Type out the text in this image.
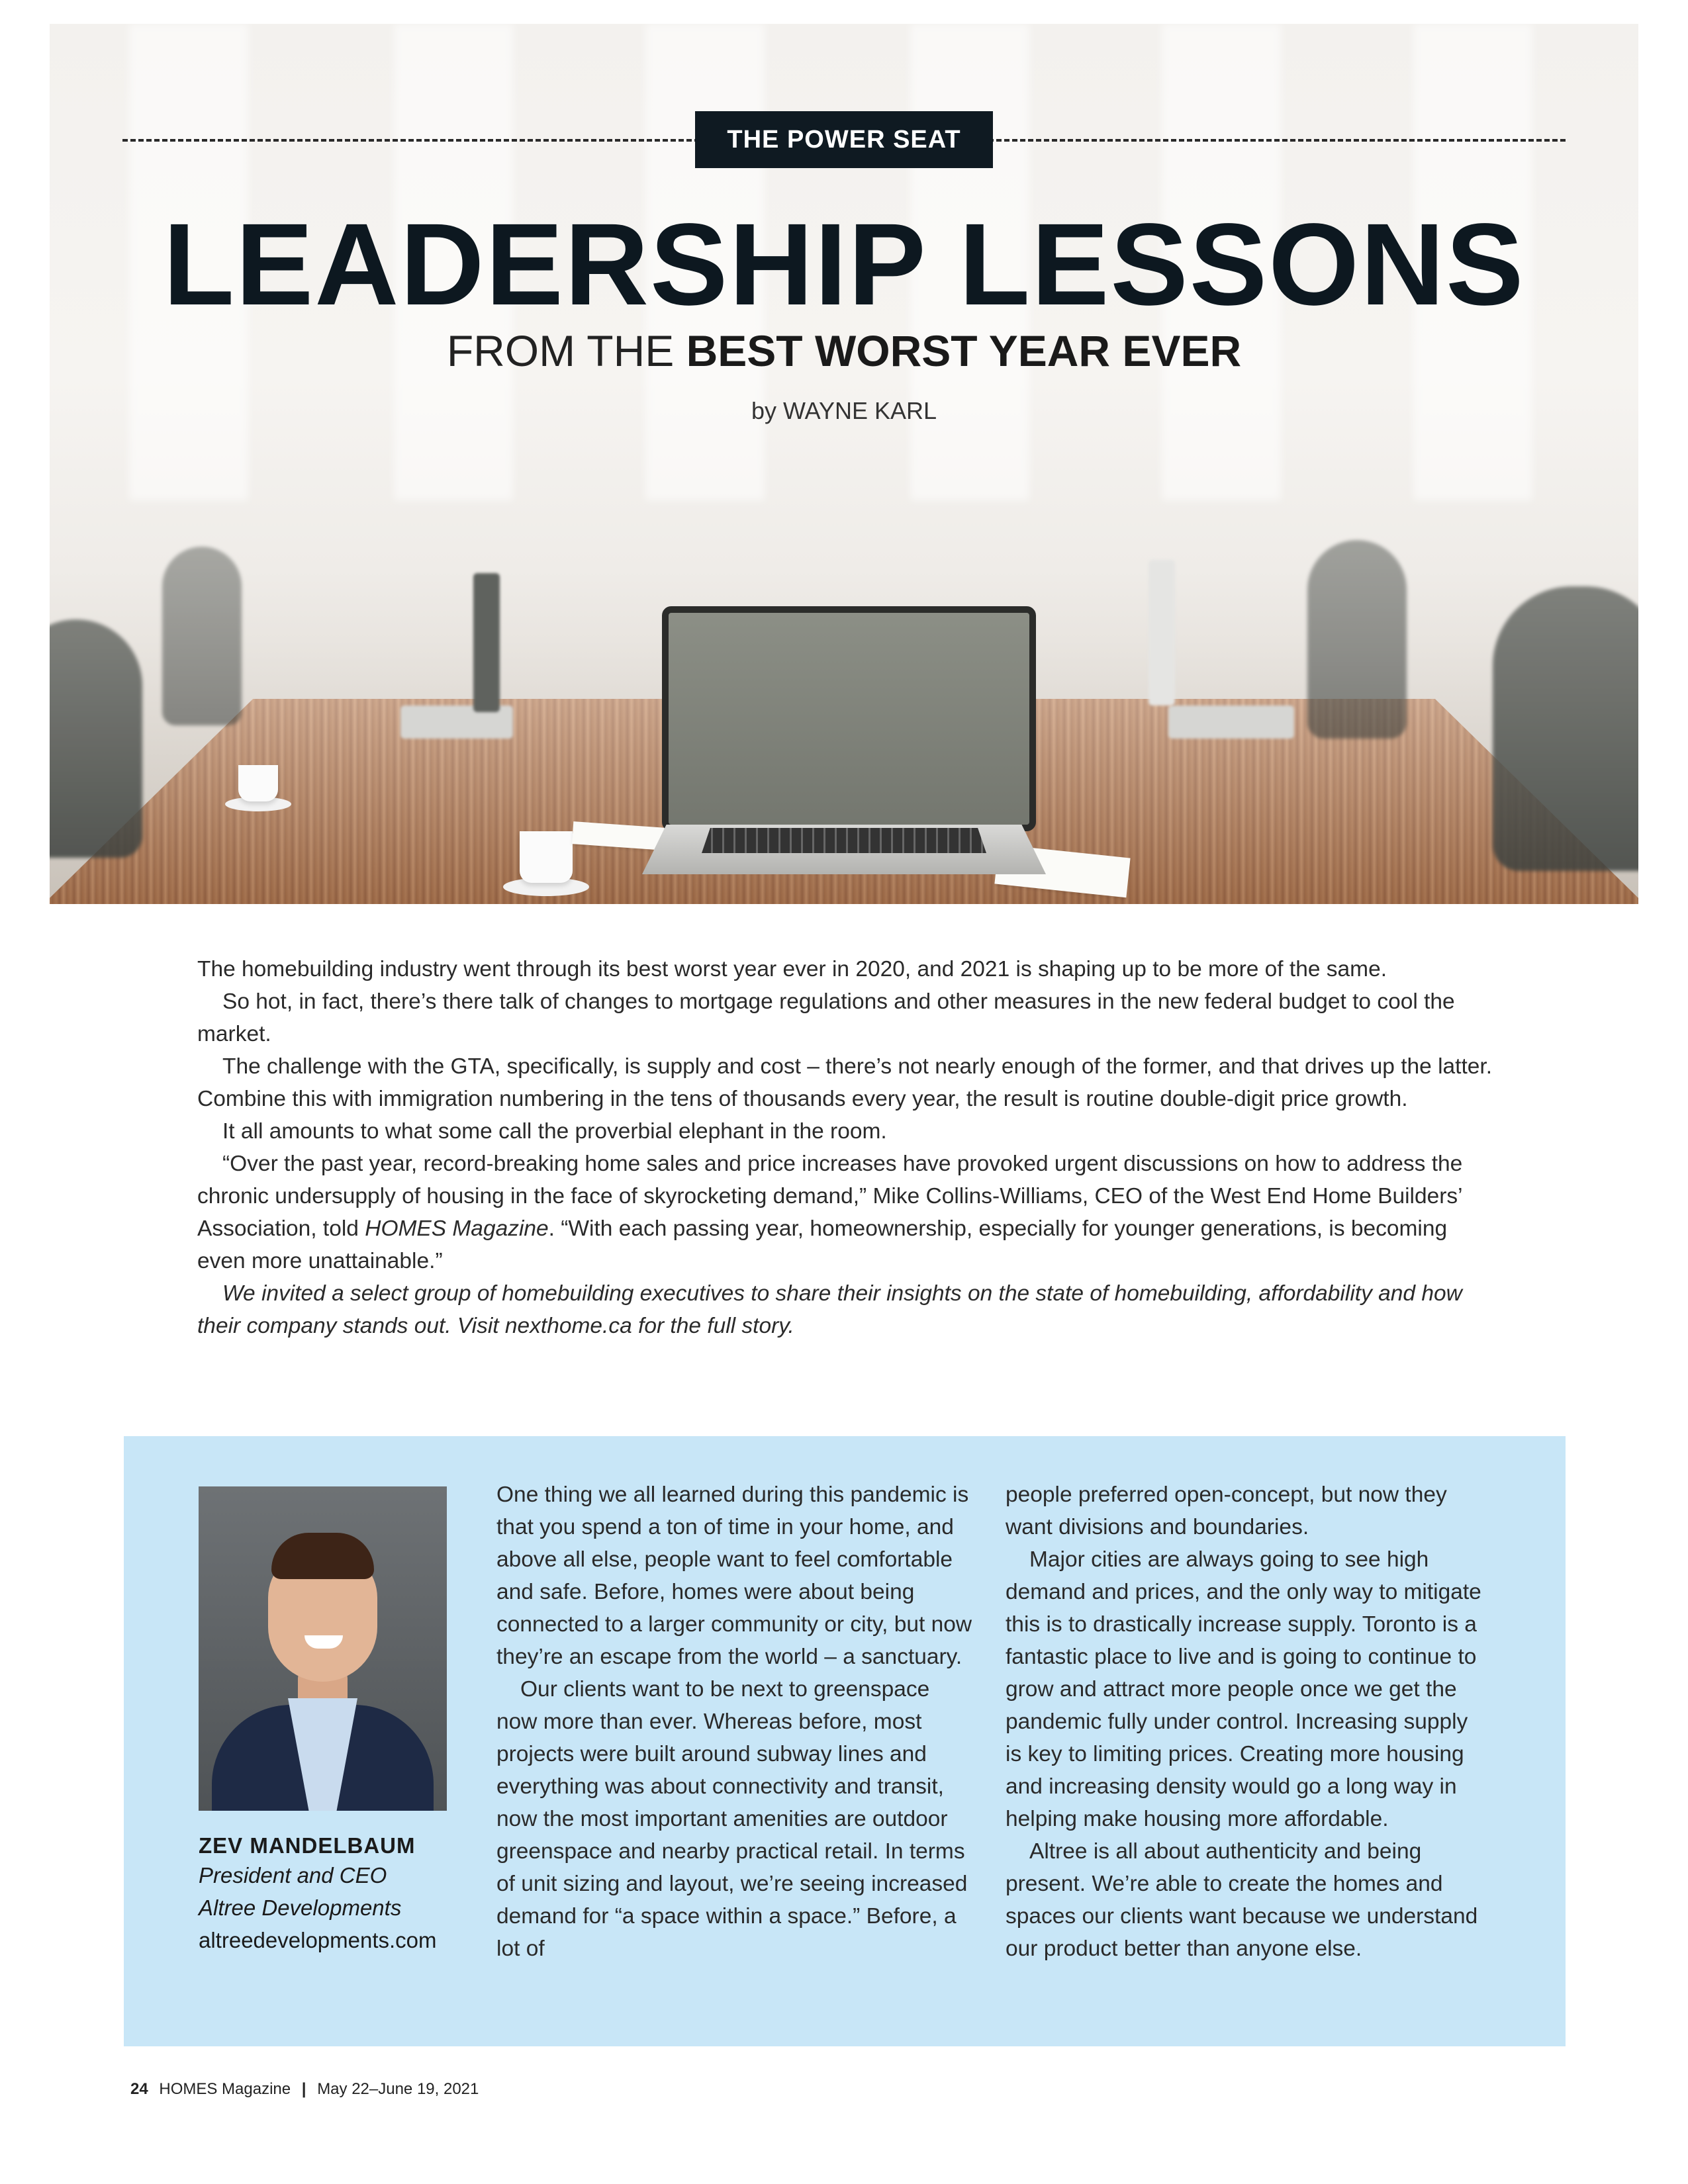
THE POWER SEAT
LEADERSHIP LESSONS
FROM THE BEST WORST YEAR EVER
by WAYNE KARL

The homebuilding industry went through its best worst year ever in 2020, and 2021 is shaping up to be more of the same.

So hot, in fact, there’s there talk of changes to mortgage regulations and other measures in the new federal budget to cool the market.

The challenge with the GTA, specifically, is supply and cost – there’s not nearly enough of the former, and that drives up the latter. Combine this with immigration numbering in the tens of thousands every year, the result is routine double-digit price growth.

It all amounts to what some call the proverbial elephant in the room.

“Over the past year, record-breaking home sales and price increases have provoked urgent discussions on how to address the chronic undersupply of housing in the face of skyrocketing demand,” Mike Collins-Williams, CEO of the West End Home Builders’ Association, told HOMES Magazine. “With each passing year, homeownership, especially for younger generations, is becoming even more unattainable.”

We invited a select group of homebuilding executives to share their insights on the state of homebuilding, affordability and how their company stands out. Visit nexthome.ca for the full story.

ZEV MANDELBAUM
President and CEO
Altree Developments
altreedevelopments.com

One thing we all learned during this pandemic is that you spend a ton of time in your home, and above all else, people want to feel comfortable and safe. Before, homes were about being connected to a larger community or city, but now they’re an escape from the world – a sanctuary.

Our clients want to be next to greenspace now more than ever. Whereas before, most projects were built around subway lines and everything was about connectivity and transit, now the most important amenities are outdoor greenspace and nearby practical retail. In terms of unit sizing and layout, we’re seeing increased demand for “a space within a space.” Before, a lot of

people preferred open-concept, but now they want divisions and boundaries.

Major cities are always going to see high demand and prices, and the only way to mitigate this is to drastically increase supply. Toronto is a fantastic place to live and is going to continue to grow and attract more people once we get the pandemic fully under control. Increasing supply is key to limiting prices. Creating more housing and increasing density would go a long way in helping make housing more affordable.

Altree is all about authenticity and being present. We’re able to create the homes and spaces our clients want because we understand our product better than anyone else.

24 HOMES Magazine | May 22–June 19, 2021
